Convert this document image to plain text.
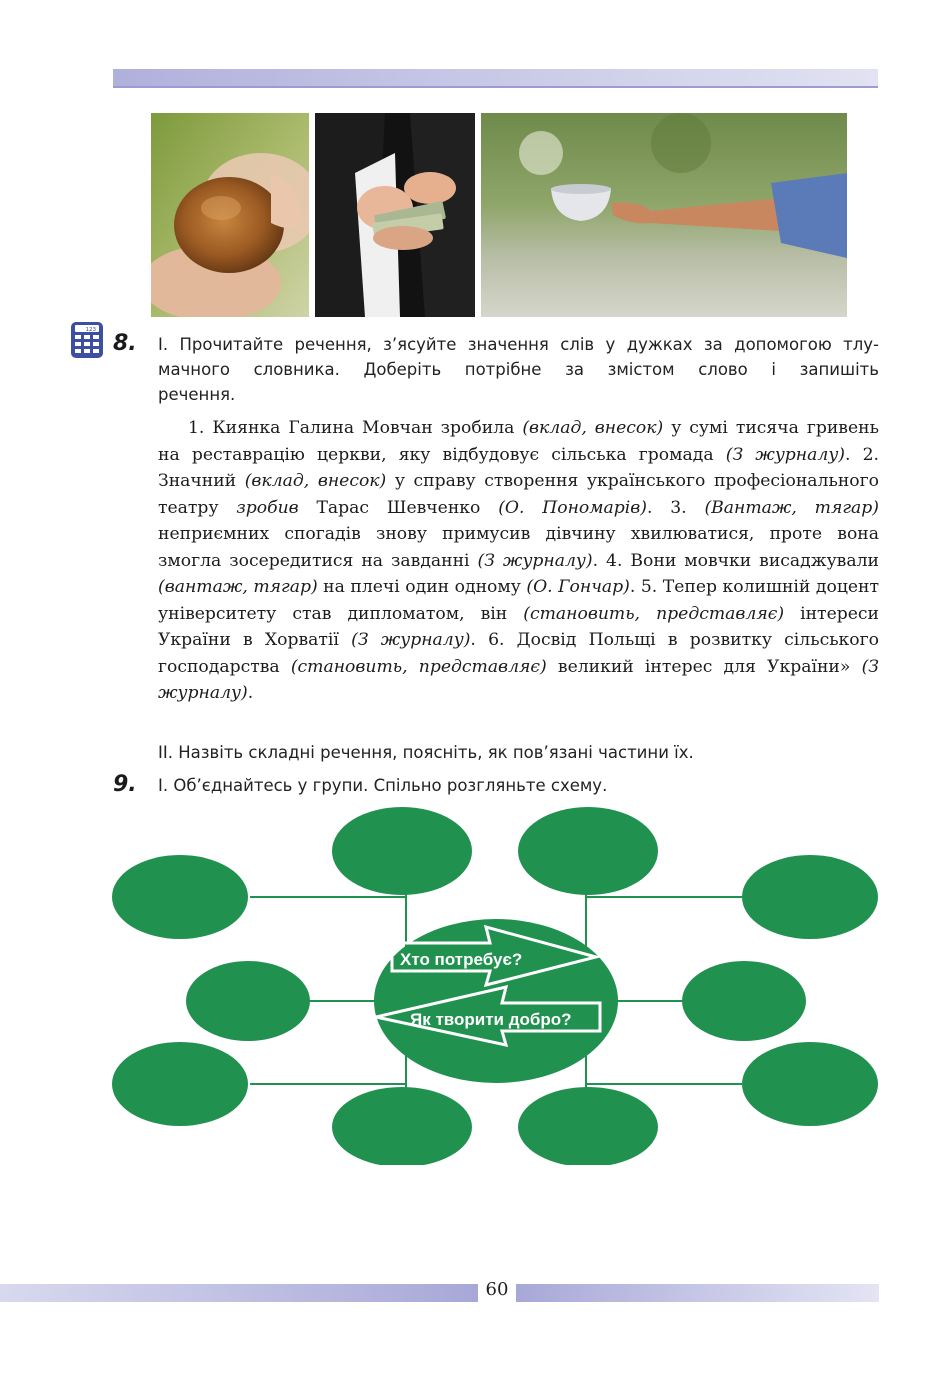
123
8. І. Прочитайте речення, з’ясуйте значення слів у дужках за допомогою тлу-
мачного словника. Доберіть потрібне за змістом слово і запишіть
речення.
1. Киянка Галина Мовчан зробила (вклад, внесок) у сумі тисяча гривень на реставрацію церкви, яку відбудовує сільська громада (З журналу). 2. Значний (вклад, внесок) у справу створення українського професіонального театру зробив Тарас Шевченко (О. Пономарів). 3. (Вантаж, тягар) неприємних спогадів знову примусив дівчину хвилюватися, проте вона змогла зосередитися на завданні (З журналу). 4. Вони мовчки висаджували (вантаж, тягар) на плечі один одному (О. Гончар). 5. Тепер колишній доцент університету став дипломатом, він (становить, представляє) інтереси України в Хорватії (З журналу). 6. Досвід Польщі в розвитку сільського господарства (становить, представляє) великий інтерес для України» (З журналу).
ІІ. Назвіть складні речення, поясніть, як пов’язані частини їх.
9. І. Об’єднайтесь у групи. Спільно розгляньте схему.
Хто потребує?
Як творити добро?
60
